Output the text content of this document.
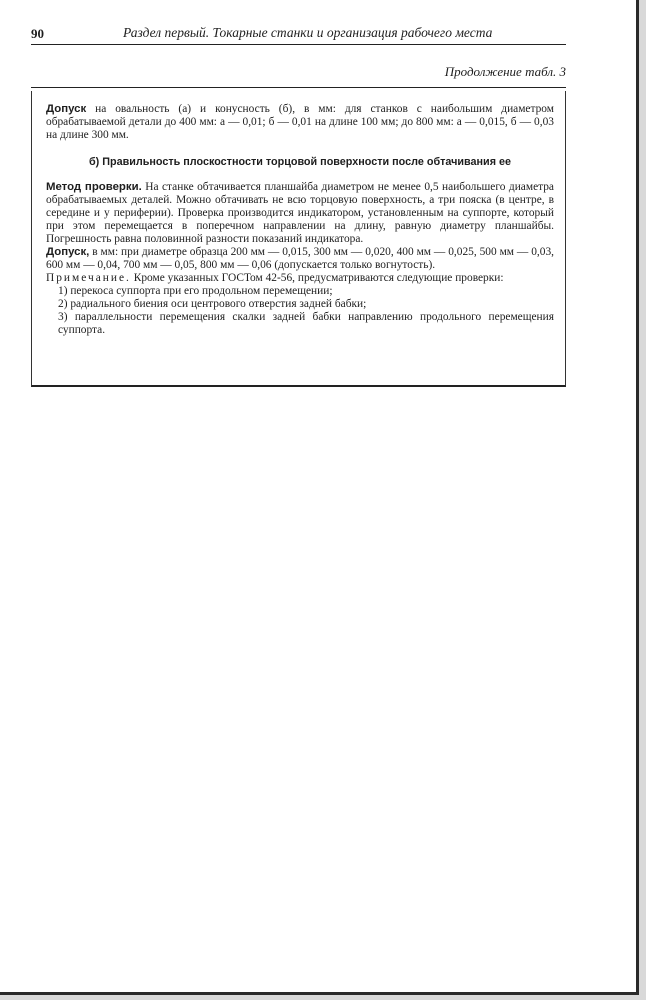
90	Раздел первый. Токарные станки и организация рабочего места
Продолжение табл. 3

Допуск на овальность (а) и конусность (б), в мм: для станков с наибольшим диаметром обрабатываемой детали до 400 мм: а — 0,01; б — 0,01 на длине 100 мм; до 800 мм: а — 0,015, б — 0,03 на длине 300 мм.

б) Правильность плоскостности торцовой поверхности после обтачивания ее

Метод проверки. На станке обтачивается планшайба диаметром не менее 0,5 наибольшего диаметра обрабатываемых деталей. Можно обтачивать не всю торцовую поверхность, а три пояска (в центре, в середине и у периферии). Проверка производится индикатором, установленным на суппорте, который при этом перемещается в поперечном направлении на длину, равную диаметру планшайбы. Погрешность равна половинной разности показаний индикатора.

Допуск, в мм: при диаметре образца 200 мм — 0,015, 300 мм — 0,020, 400 мм — 0,025, 500 мм — 0,03, 600 мм — 0,04, 700 мм — 0,05, 800 мм — 0,06 (допускается только вогнутость).

Примечание. Кроме указанных ГОСТом 42-56, предусматриваются следующие проверки:

1) перекоса суппорта при его продольном перемещении;

2) радиального биения оси центрового отверстия задней бабки;

3) параллельности перемещения скалки задней бабки направлению продольного перемещения суппорта.
